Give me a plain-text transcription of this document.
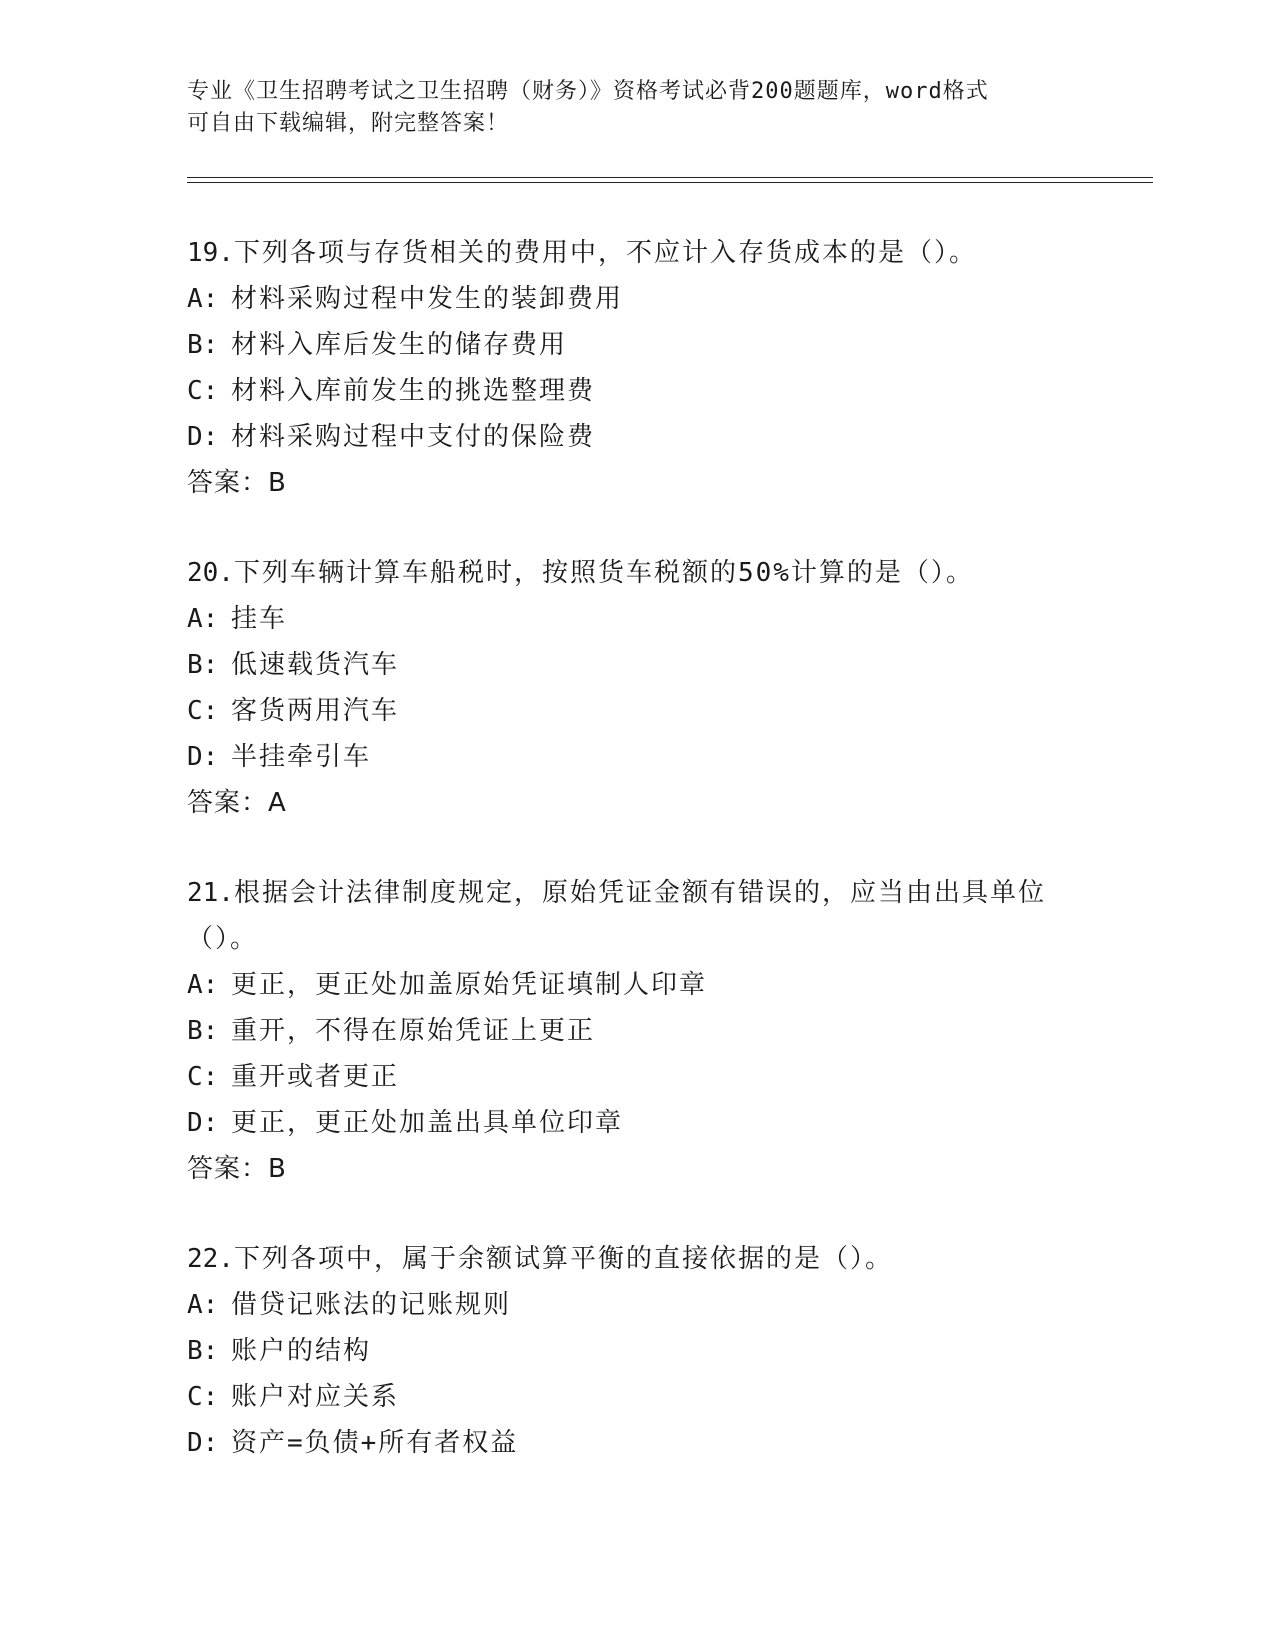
专业《卫生招聘考试之卫生招聘（财务）》资格考试必背200题题库，word格式
可自由下载编辑，附完整答案！
19.下列各项与存货相关的费用中，不应计入存货成本的是（）。
A: 材料采购过程中发生的装卸费用
B: 材料入库后发生的储存费用
C: 材料入库前发生的挑选整理费
D: 材料采购过程中支付的保险费
答案：B
20.下列车辆计算车船税时，按照货车税额的50%计算的是（）。
A: 挂车
B: 低速载货汽车
C: 客货两用汽车
D: 半挂牵引车
答案：A
21.根据会计法律制度规定，原始凭证金额有错误的，应当由出具单位（）。
A: 更正，更正处加盖原始凭证填制人印章
B: 重开，不得在原始凭证上更正
C: 重开或者更正
D: 更正，更正处加盖出具单位印章
答案：B
22.下列各项中，属于余额试算平衡的直接依据的是（）。
A: 借贷记账法的记账规则
B: 账户的结构
C: 账户对应关系
D: 资产=负债+所有者权益
